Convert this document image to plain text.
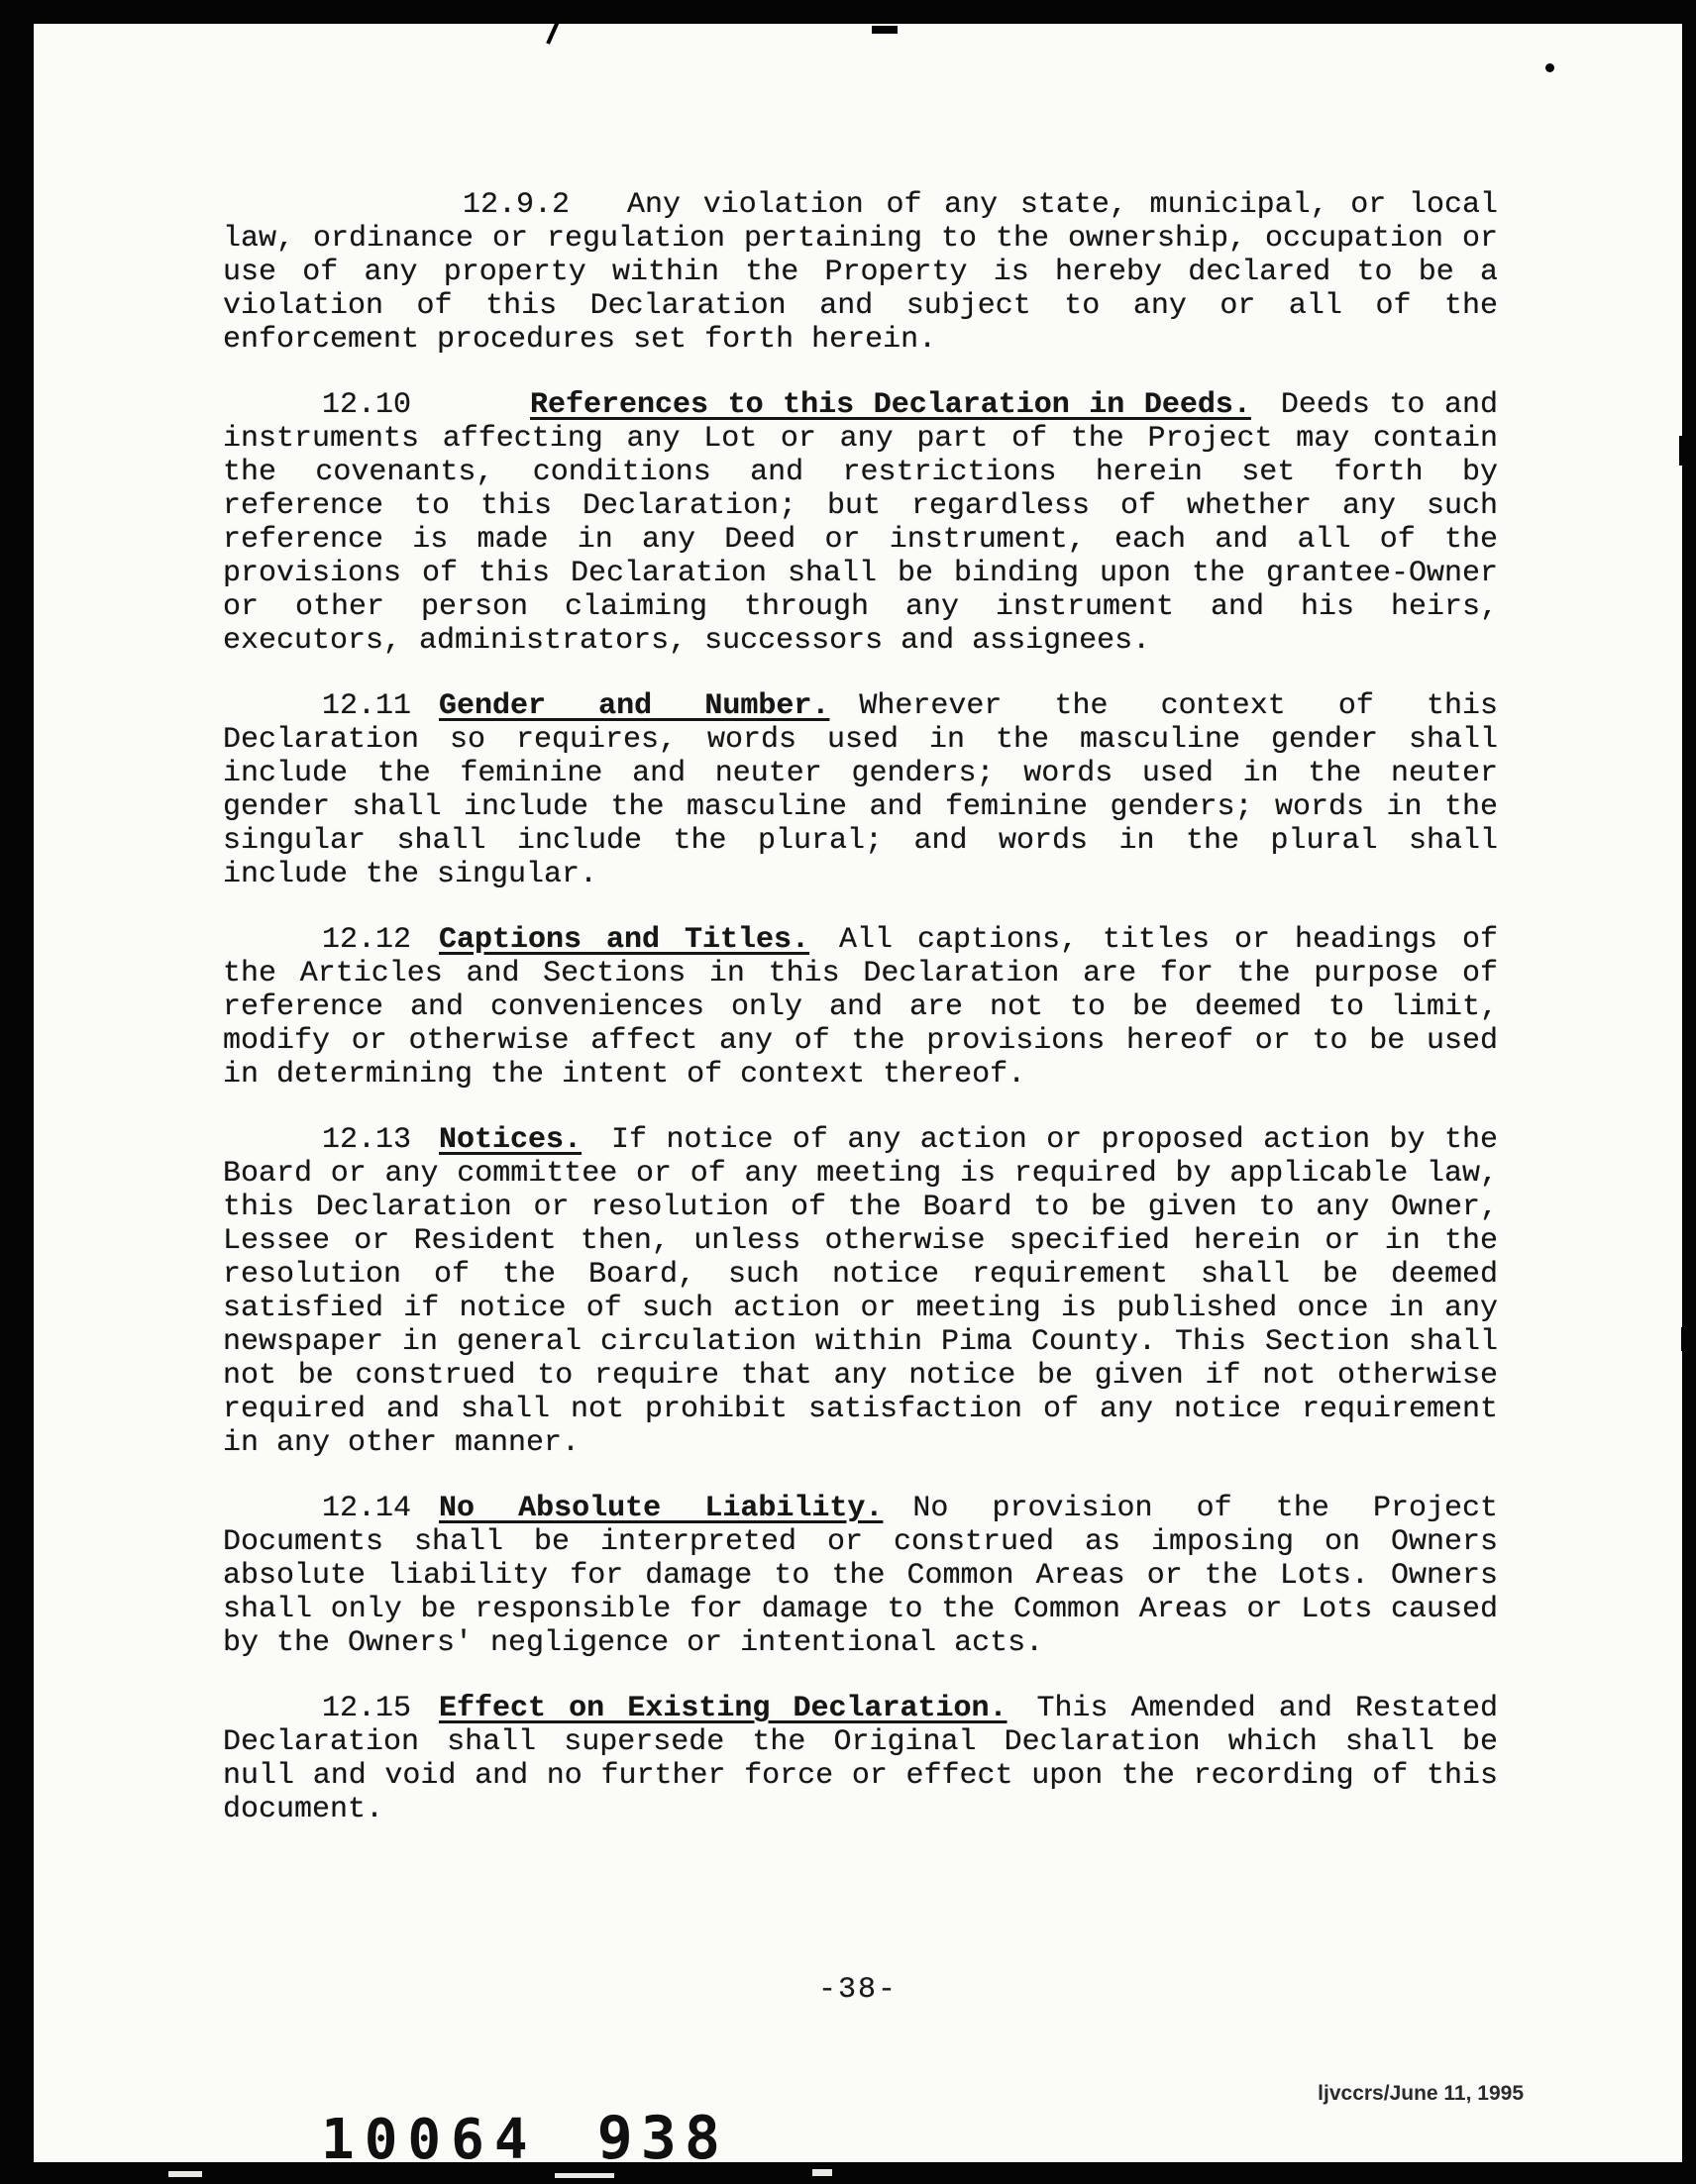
12.9.2 Any violation of any state, municipal, or local law, ordinance or regulation pertaining to the ownership, occupation or use of any property within the Property is hereby declared to be a violation of this Declaration and subject to any or all of the enforcement procedures set forth herein.

12.10	References to this Declaration in Deeds. Deeds to and instruments affecting any Lot or any part of the Project may contain the covenants, conditions and restrictions herein set forth by reference to this Declaration; but regardless of whether any such reference is made in any Deed or instrument, each and all of the provisions of this Declaration shall be binding upon the grantee-Owner or other person claiming through any instrument and his heirs, executors, administrators, successors and assignees.

12.11 Gender and Number. Wherever the context of this Declaration so requires, words used in the masculine gender shall include the feminine and neuter genders; words used in the neuter gender shall include the masculine and feminine genders; words in the singular shall include the plural; and words in the plural shall include the singular.

12.12 Captions and Titles. All captions, titles or headings of the Articles and Sections in this Declaration are for the purpose of reference and conveniences only and are not to be deemed to limit, modify or otherwise affect any of the provisions hereof or to be used in determining the intent of context thereof.

12.13 Notices. If notice of any action or proposed action by the Board or any committee or of any meeting is required by applicable law, this Declaration or resolution of the Board to be given to any Owner, Lessee or Resident then, unless otherwise specified herein or in the resolution of the Board, such notice requirement shall be deemed satisfied if notice of such action or meeting is published once in any newspaper in general circulation within Pima County. This Section shall not be construed to require that any notice be given if not otherwise required and shall not prohibit satisfaction of any notice requirement in any other manner.

12.14 No Absolute Liability. No provision of the Project Documents shall be interpreted or construed as imposing on Owners absolute liability for damage to the Common Areas or the Lots. Owners shall only be responsible for damage to the Common Areas or Lots caused by the Owners' negligence or intentional acts.

12.15 Effect on Existing Declaration. This Amended and Restated Declaration shall supersede the Original Declaration which shall be null and void and no further force or effect upon the recording of this document.

-38-
ljvccrs/June 11, 1995
10064 938
